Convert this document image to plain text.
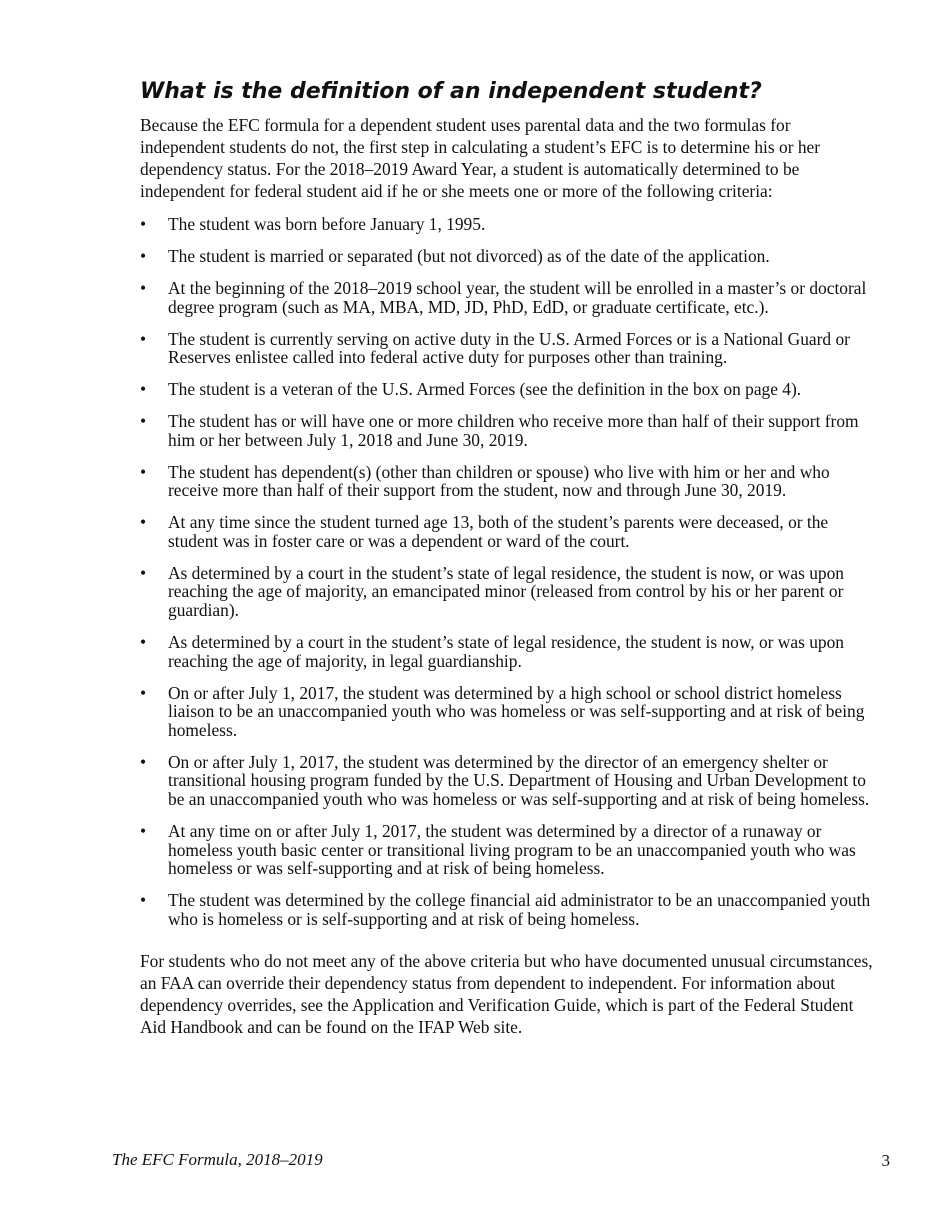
What is the definition of an independent student?

Because the EFC formula for a dependent student uses parental data and the two formulas for independent students do not, the first step in calculating a student’s EFC is to determine his or her dependency status. For the 2018–2019 Award Year, a student is automatically determined to be independent for federal student aid if he or she meets one or more of the following criteria:

• The student was born before January 1, 1995.
• The student is married or separated (but not divorced) as of the date of the application.
• At the beginning of the 2018–2019 school year, the student will be enrolled in a master’s or doctoral degree program (such as MA, MBA, MD, JD, PhD, EdD, or graduate certificate, etc.).
• The student is currently serving on active duty in the U.S. Armed Forces or is a National Guard or Reserves enlistee called into federal active duty for purposes other than training.
• The student is a veteran of the U.S. Armed Forces (see the definition in the box on page 4).
• The student has or will have one or more children who receive more than half of their support from him or her between July 1, 2018 and June 30, 2019.
• The student has dependent(s) (other than children or spouse) who live with him or her and who receive more than half of their support from the student, now and through June 30, 2019.
• At any time since the student turned age 13, both of the student’s parents were deceased, or the student was in foster care or was a dependent or ward of the court.
• As determined by a court in the student’s state of legal residence, the student is now, or was upon reaching the age of majority, an emancipated minor (released from control by his or her parent or guardian).
• As determined by a court in the student’s state of legal residence, the student is now, or was upon reaching the age of majority, in legal guardianship.
• On or after July 1, 2017, the student was determined by a high school or school district homeless liaison to be an unaccompanied youth who was homeless or was self-supporting and at risk of being homeless.
• On or after July 1, 2017, the student was determined by the director of an emergency shelter or transitional housing program funded by the U.S. Department of Housing and Urban Development to be an unaccompanied youth who was homeless or was self-supporting and at risk of being homeless.
• At any time on or after July 1, 2017, the student was determined by a director of a runaway or homeless youth basic center or transitional living program to be an unaccompanied youth who was homeless or was self-supporting and at risk of being homeless.
• The student was determined by the college financial aid administrator to be an unaccompanied youth who is homeless or is self-supporting and at risk of being homeless.

For students who do not meet any of the above criteria but who have documented unusual circumstances, an FAA can override their dependency status from dependent to independent. For information about dependency overrides, see the Application and Verification Guide, which is part of the Federal Student Aid Handbook and can be found on the IFAP Web site.

The EFC Formula, 2018–2019	3
